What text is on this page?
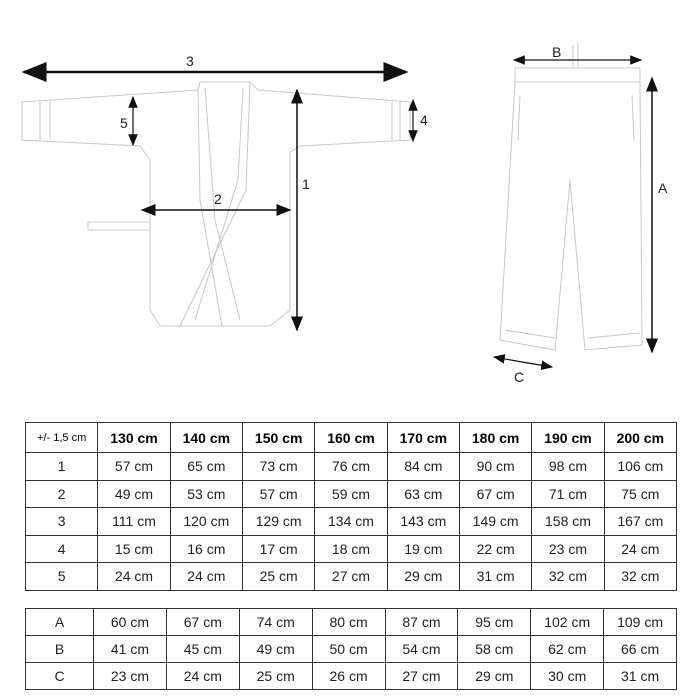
3
5	4
2
1
B
A
C
+/- 1,5 cm	130 cm	140 cm	150 cm	160 cm	170 cm	180 cm	190 cm	200 cm
1	57 cm	65 cm	73 cm	76 cm	84 cm	90 cm	98 cm	106 cm
2	49 cm	53 cm	57 cm	59 cm	63 cm	67 cm	71 cm	75 cm
3	111 cm	120 cm	129 cm	134 cm	143 cm	149 cm	158 cm	167 cm
4	15 cm	16 cm	17 cm	18 cm	19 cm	22 cm	23 cm	24 cm
5	24 cm	24 cm	25 cm	27 cm	29 cm	31 cm	32 cm	32 cm
A	60 cm	67 cm	74 cm	80 cm	87 cm	95 cm	102 cm	109 cm
B	41 cm	45 cm	49 cm	50 cm	54 cm	58 cm	62 cm	66 cm
C	23 cm	24 cm	25 cm	26 cm	27 cm	29 cm	30 cm	31 cm
